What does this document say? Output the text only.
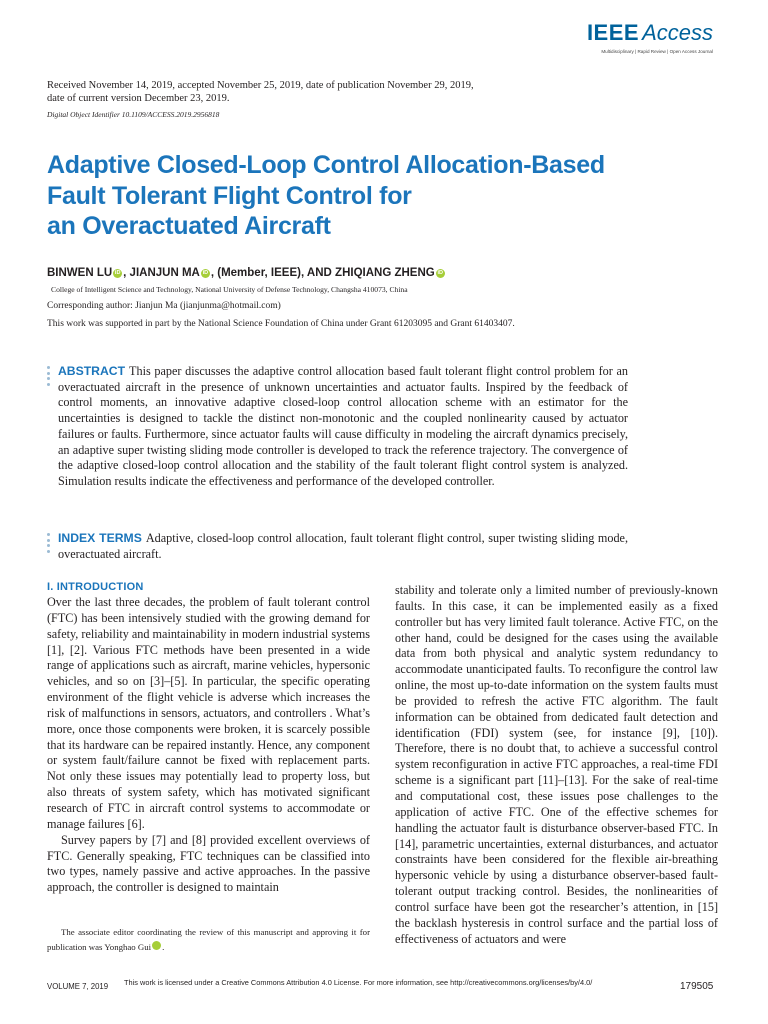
IEEE Access
Multidisciplinary | Rapid Review | Open Access Journal
Received November 14, 2019, accepted November 25, 2019, date of publication November 29, 2019,
date of current version December 23, 2019.
Digital Object Identifier 10.1109/ACCESS.2019.2956818
Adaptive Closed-Loop Control Allocation-Based
Fault Tolerant Flight Control for
an Overactuated Aircraft
BINWEN LU iD , JIANJUN MA iD , (Member, IEEE), AND ZHIQIANG ZHENG iD
College of Intelligent Science and Technology, National University of Defense Technology, Changsha 410073, China
Corresponding author: Jianjun Ma (jianjunma@hotmail.com)
This work was supported in part by the National Science Foundation of China under Grant 61203095 and Grant 61403407.
ABSTRACT This paper discusses the adaptive control allocation based fault tolerant flight control problem for an overactuated aircraft in the presence of unknown uncertainties and actuator faults. Inspired by the feedback of control moments, an innovative adaptive closed-loop control allocation scheme with an estimator for the uncertainties is designed to tackle the distinct non-monotonic and the coupled nonlinearity caused by actuator failures or faults. Furthermore, since actuator faults will cause difficulty in modeling the aircraft dynamics precisely, an adaptive super twisting sliding mode controller is developed to track the reference trajectory. The convergence of the adaptive closed-loop control allocation and the stability of the fault tolerant flight control system is analyzed. Simulation results indicate the effectiveness and performance of the developed controller.
INDEX TERMS Adaptive, closed-loop control allocation, fault tolerant flight control, super twisting sliding mode, overactuated aircraft.

I. INTRODUCTION

Over the last three decades, the problem of fault tolerant control (FTC) has been intensively studied with the growing demand for safety, reliability and maintainability in modern industrial systems [1], [2]. Various FTC methods have been presented in a wide range of applications such as aircraft, marine vehicles, hypersonic vehicles, and so on [3]–[5]. In particular, the specific operating environment of the flight vehicle is adverse which increases the risk of malfunctions in sensors, actuators, and controllers . What’s more, once those components were broken, it is scarcely possible that its hardware can be repaired instantly. Hence, any component or system fault/failure cannot be fixed with replacement parts. Not only these issues may potentially lead to property loss, but also threats of system safety, which has motivated significant research of FTC in aircraft control systems to accommodate or manage failures [6].

Survey papers by [7] and [8] provided excellent overviews of FTC. Generally speaking, FTC techniques can be classified into two types, namely passive and active approaches. In the passive approach, the controller is designed to maintain

The associate editor coordinating the review of this manuscript and approving it for publication was Yonghao Gui	iD.

stability and tolerate only a limited number of previously-known faults. In this case, it can be implemented easily as a fixed controller but has very limited fault tolerance. Active FTC, on the other hand, could be designed for the cases using the available data from both physical and analytic system redundancy to accommodate unanticipated faults. To reconfigure the control law online, the most up-to-date information on the system faults must be provided to refresh the active FTC algorithm. The fault information can be obtained from dedicated fault detection and identification (FDI) system (see, for instance [9], [10]). Therefore, there is no doubt that, to achieve a successful control system reconfiguration in active FTC approaches, a real-time FDI scheme is a significant part [11]–[13]. For the sake of real-time and computational cost, these issues pose challenges to the application of active FTC. One of the effective schemes for handling the actuator fault is disturbance observer-based FTC. In [14], parametric uncertainties, external disturbances, and actuator constraints have been considered for the flexible air-breathing hypersonic vehicle by using a disturbance observer-based fault-tolerant output tracking control. Besides, the nonlinearities of control surface have been got the researcher’s attention, in [15] the backlash hysteresis in control surface and the partial loss of effectiveness of actuators and were

VOLUME 7, 2019 This work is licensed under a Creative Commons Attribution 4.0 License. For more information, see http://creativecommons.org/licenses/by/4.0/	179505
